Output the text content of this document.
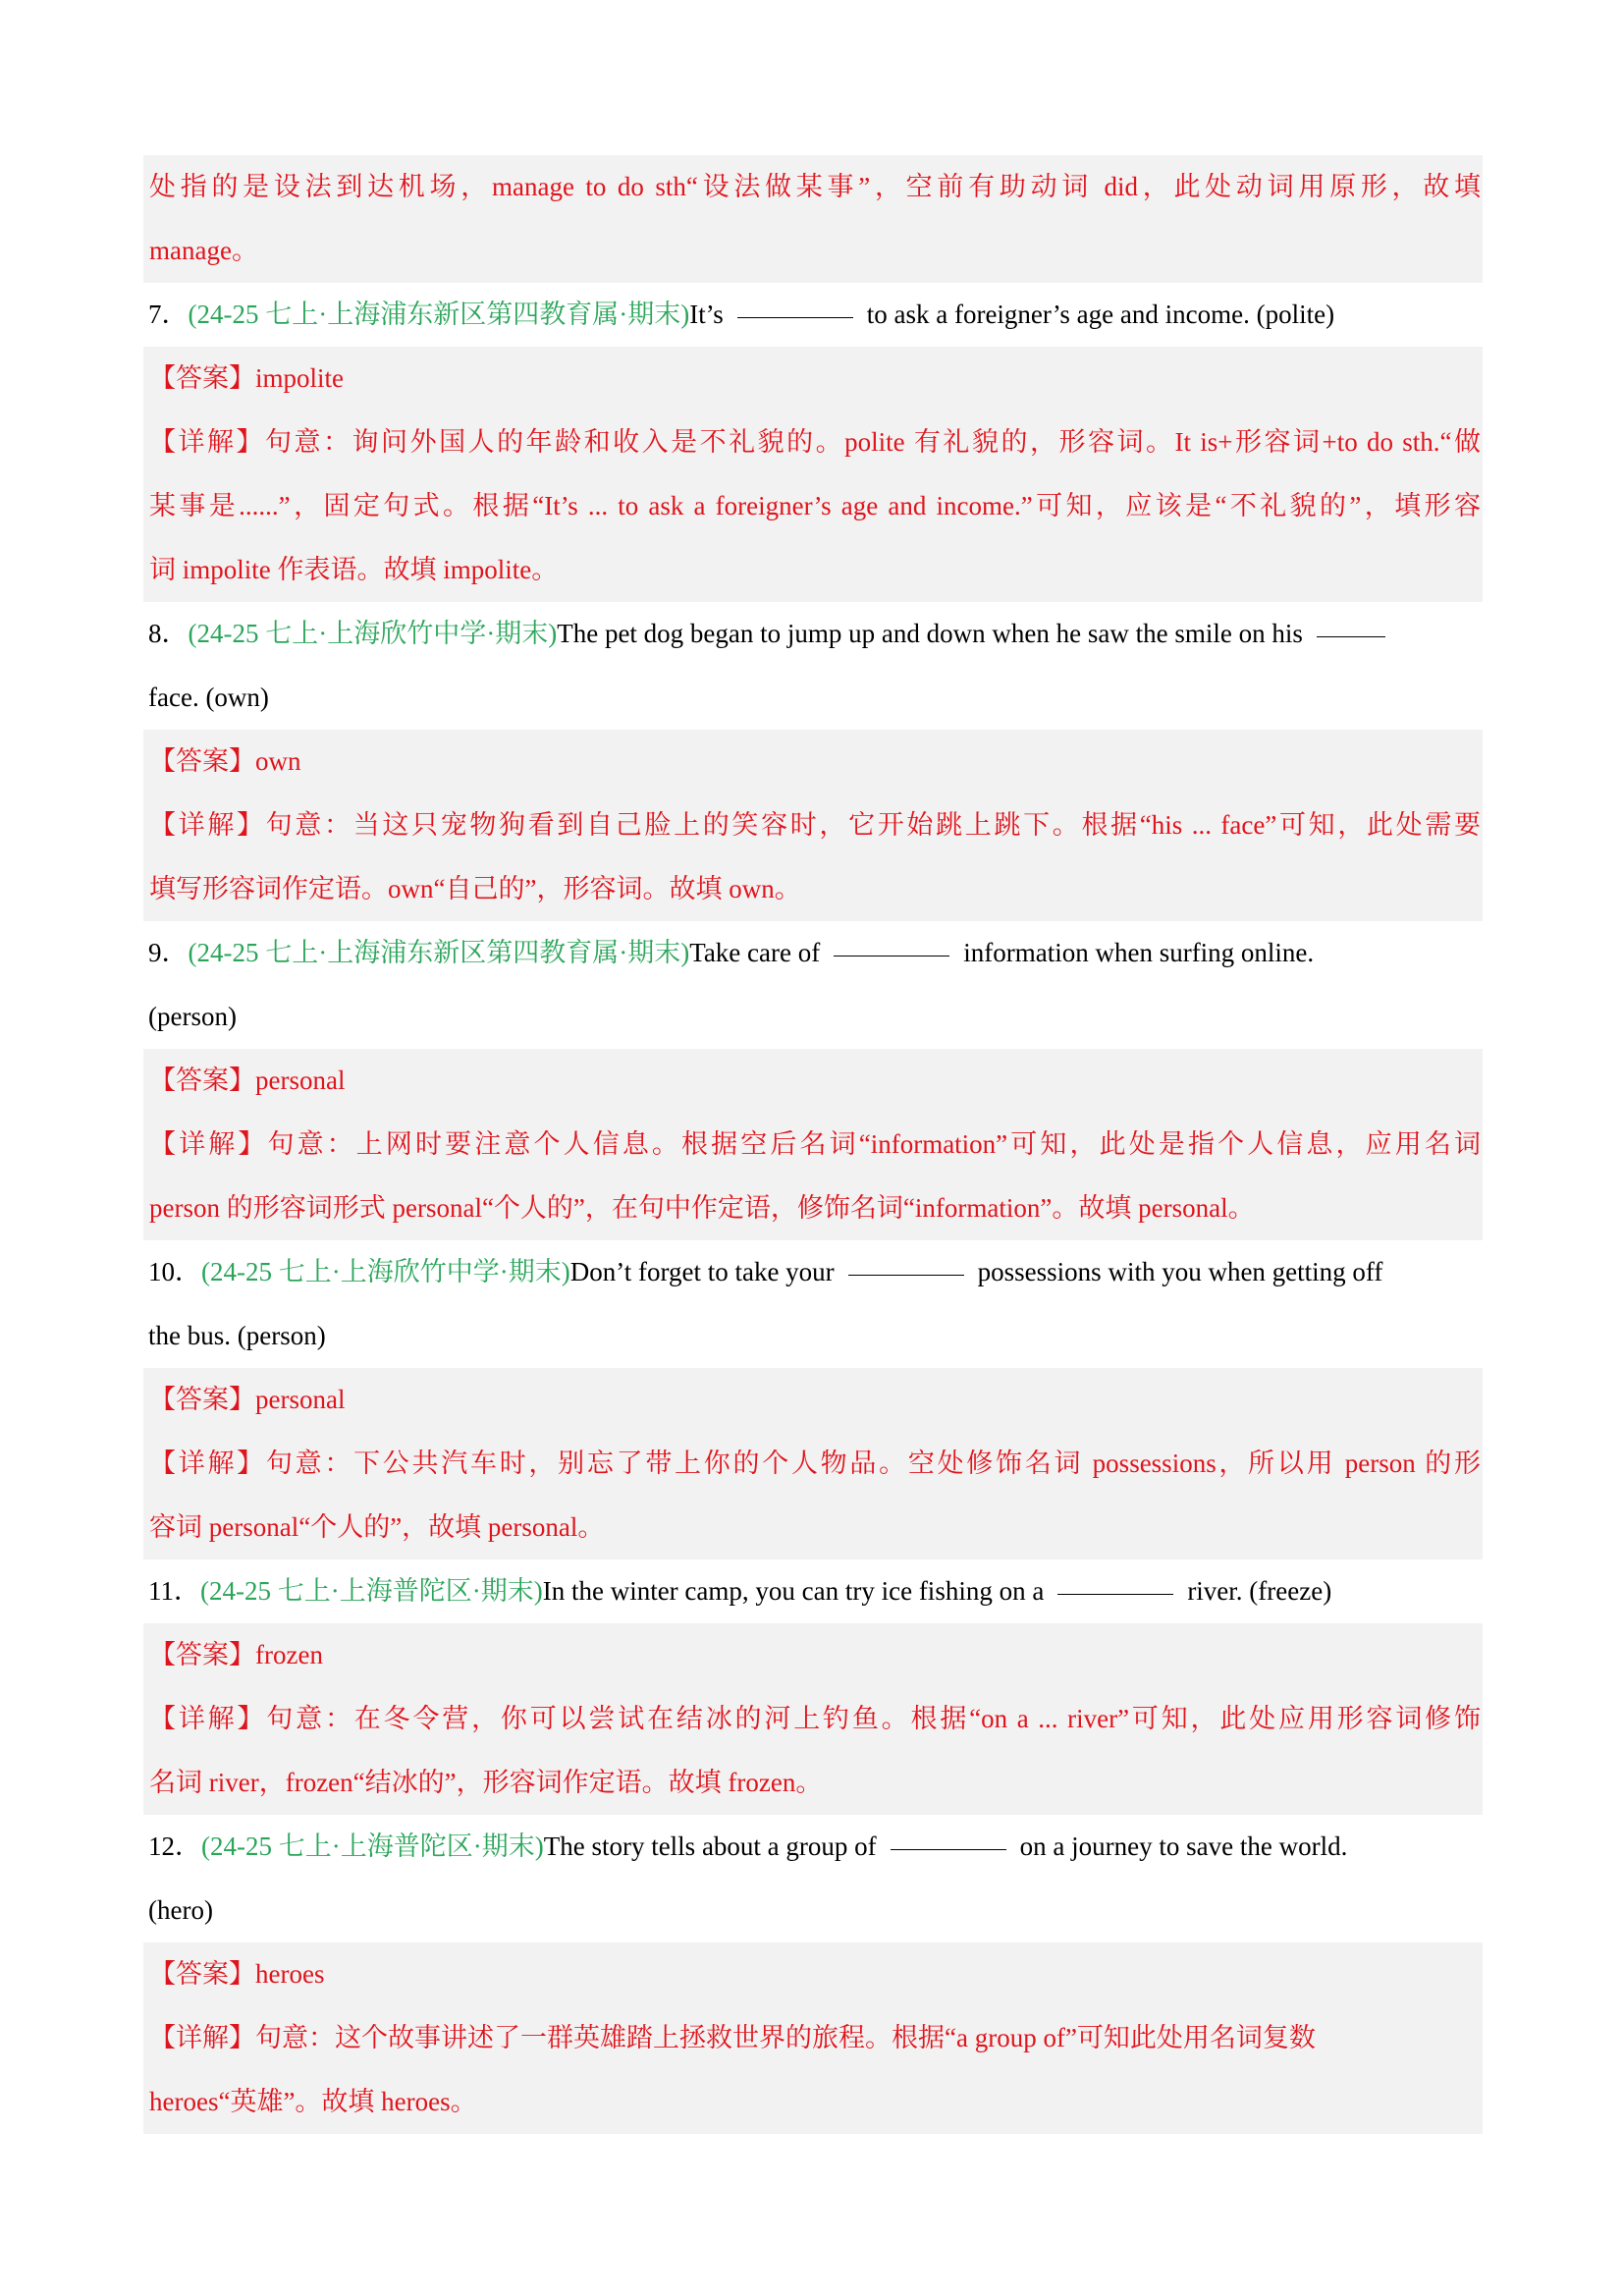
处指的是设法到达机场，manage to do sth“设法做某事”，空前有助动词 did，此处动词用原形，故填
manage。
7．(24-25 七上·上海浦东新区第四教育属·期末)It’s	to ask a foreigner’s age and income. (polite)
【答案】impolite
【详解】句意：询问外国人的年龄和收入是不礼貌的。polite 有礼貌的，形容词。It is+形容词+to do sth.“做
某事是......”，固定句式。根据“It’s ... to ask a foreigner’s age and income.”可知，应该是“不礼貌的”，填形容
词 impolite 作表语。故填 impolite。
8．(24-25 七上·上海欣竹中学·期末)The pet dog began to jump up and down when he saw the smile on his
face. (own)
【答案】own
【详解】句意：当这只宠物狗看到自己脸上的笑容时，它开始跳上跳下。根据“his ... face”可知，此处需要
填写形容词作定语。own“自己的”，形容词。故填 own。
9．(24-25 七上·上海浦东新区第四教育属·期末)Take care of	information when surfing online.
(person)
【答案】personal
【详解】句意：上网时要注意个人信息。根据空后名词“information”可知，此处是指个人信息，应用名词
person 的形容词形式 personal“个人的”，在句中作定语，修饰名词“information”。故填 personal。
10．(24-25 七上·上海欣竹中学·期末)Don’t forget to take your	possessions with you when getting off
the bus. (person)
【答案】personal
【详解】句意：下公共汽车时，别忘了带上你的个人物品。空处修饰名词 possessions，所以用 person 的形
容词 personal“个人的”，故填 personal。
11．(24-25 七上·上海普陀区·期末)In the winter camp, you can try ice fishing on a	river. (freeze)
【答案】frozen
【详解】句意：在冬令营，你可以尝试在结冰的河上钓鱼。根据“on a ... river”可知，此处应用形容词修饰
名词 river，frozen“结冰的”，形容词作定语。故填 frozen。
12．(24-25 七上·上海普陀区·期末)The story tells about a group of	on a journey to save the world.
(hero)
【答案】heroes
【详解】句意：这个故事讲述了一群英雄踏上拯救世界的旅程。根据“a group of”可知此处用名词复数
heroes“英雄”。故填 heroes。
